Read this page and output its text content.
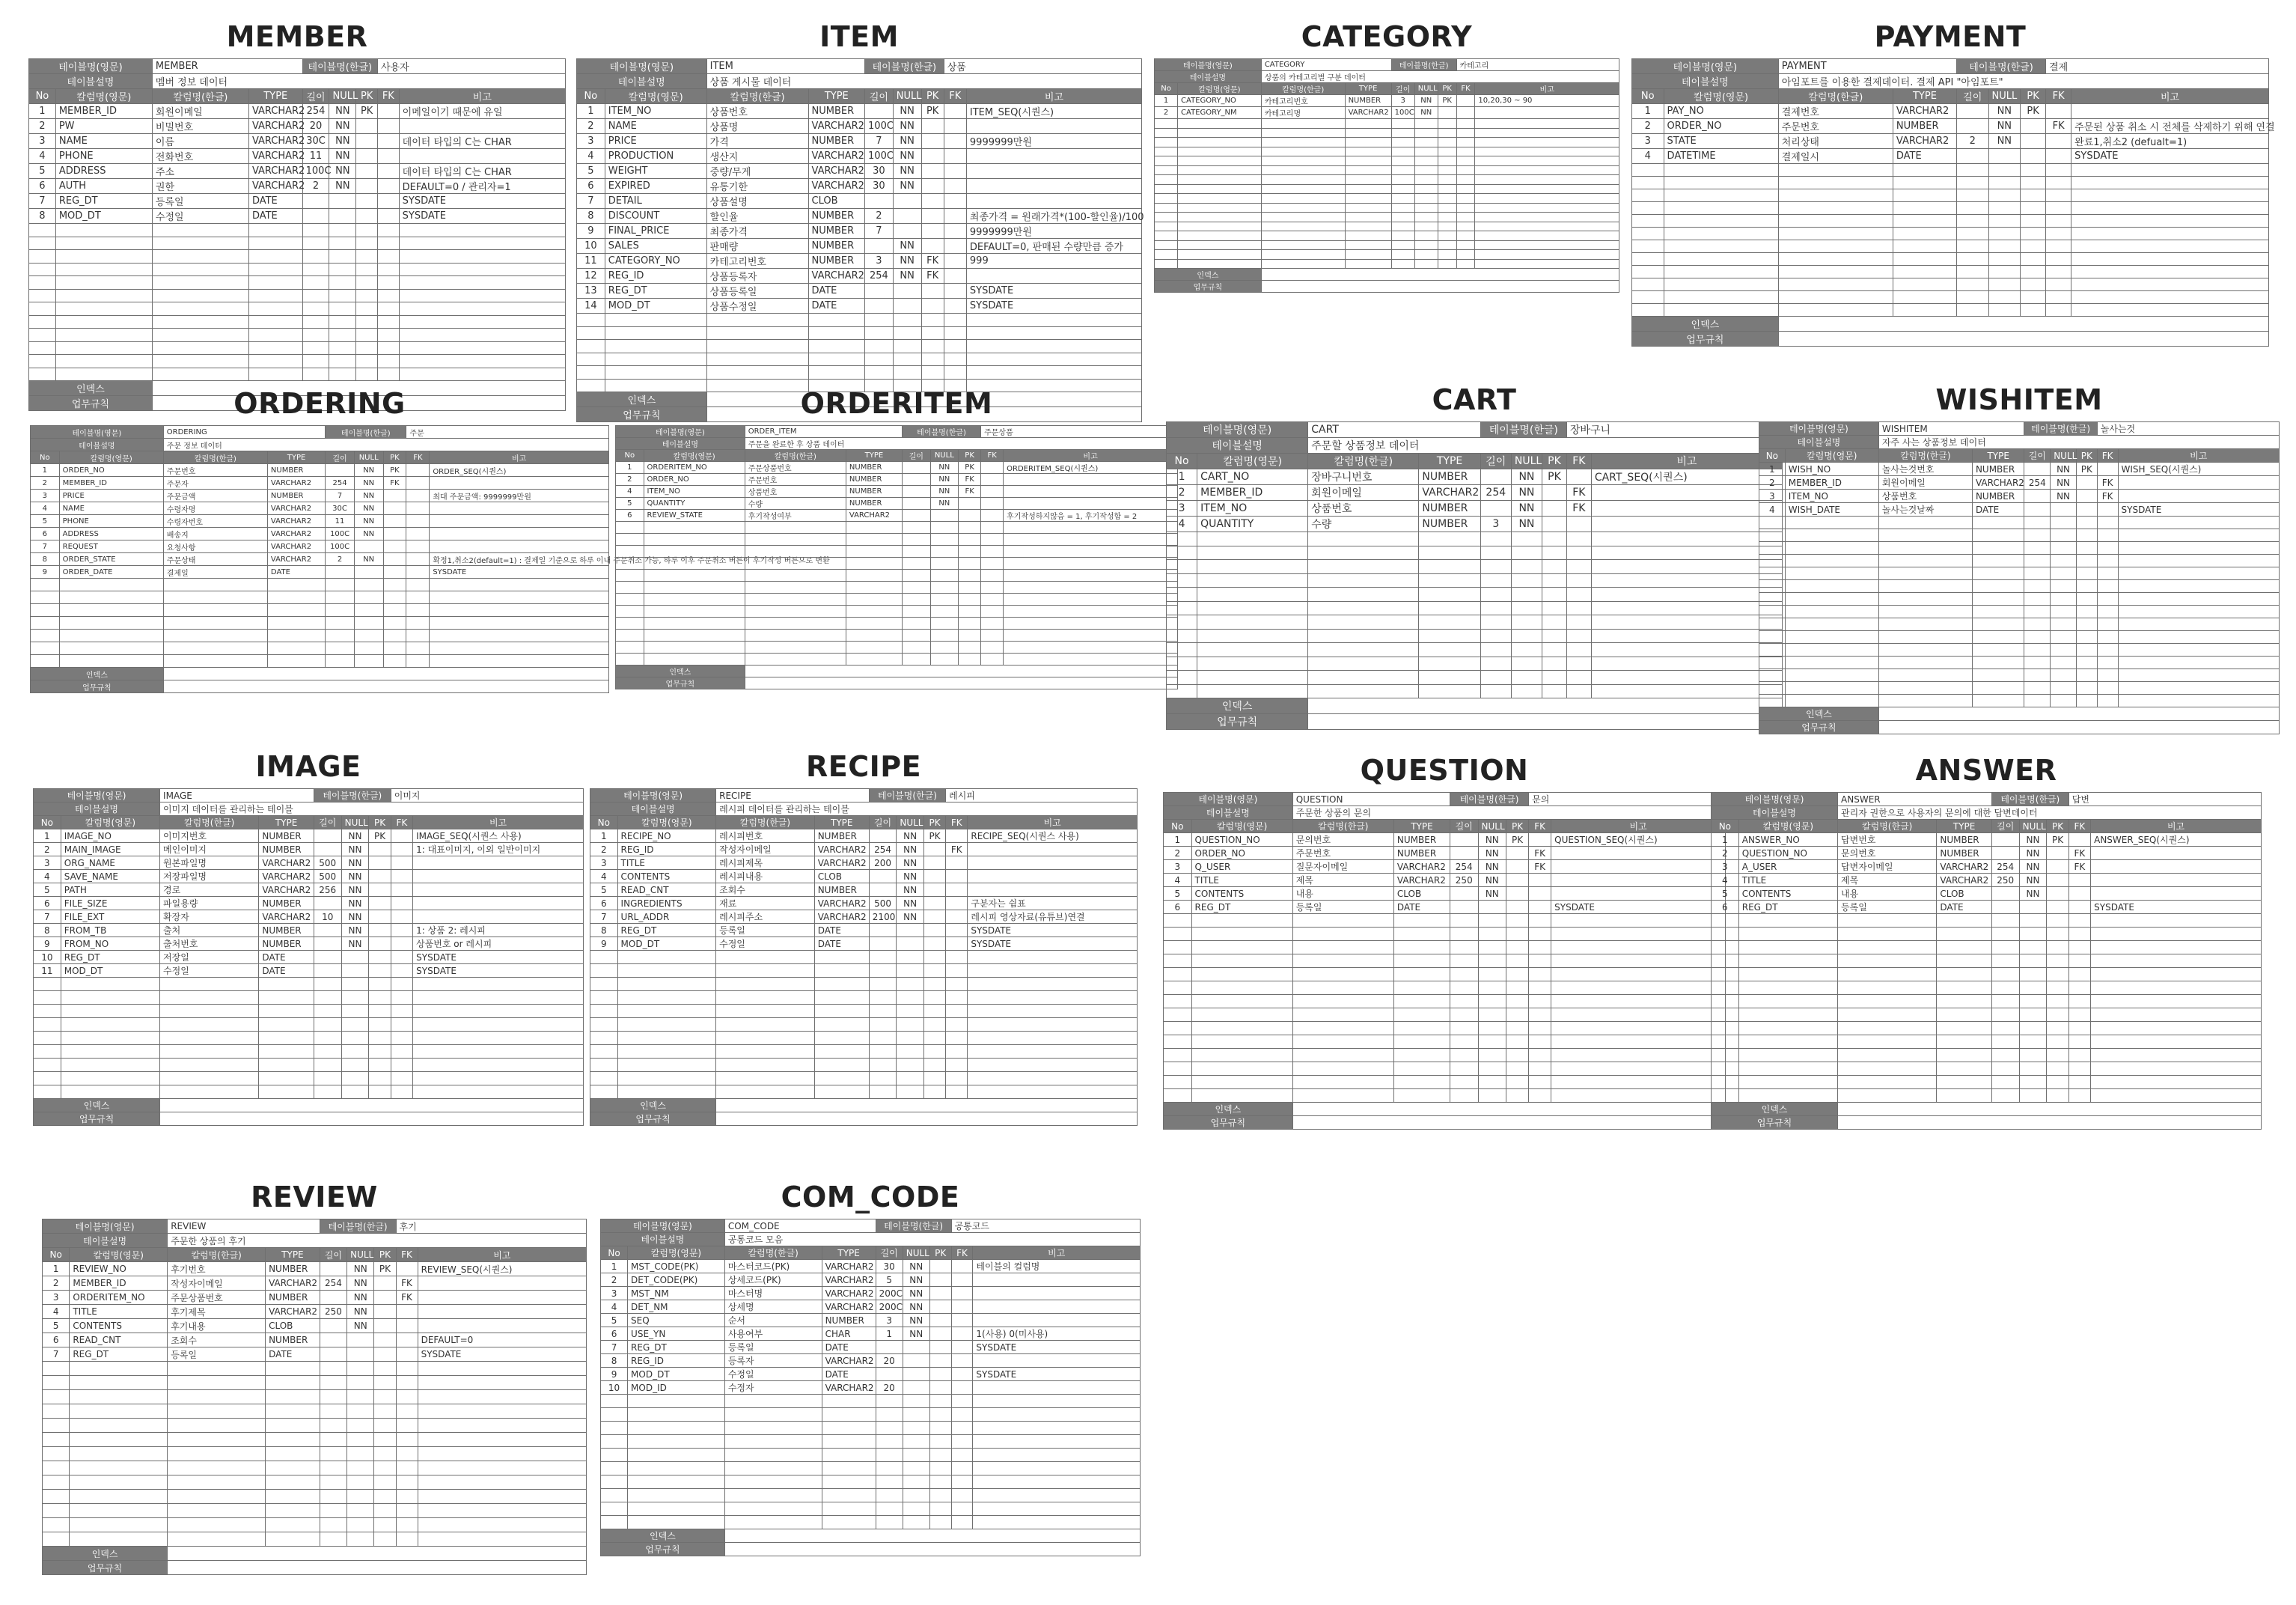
MEMBER
테이블명(영문)		MEMBER		테이블명(한글)			사용자	
테이블설명		멤버 정보 데이터						
No	칼럼명(영문)	칼럼명(한글)	TYPE	길이	NULL	PK	FK	비고
1	MEMBER_ID	회원이메일	VARCHAR2	254	NN	PK		이메일이기 때문에 유일
2	PW	비밀번호	VARCHAR2	20	NN			
3	NAME	이름	VARCHAR2	30C	NN			데이터 타입의 C는 CHAR
4	PHONE	전화번호	VARCHAR2	11	NN			
5	ADDRESS	주소	VARCHAR2	100C	NN			데이터 타입의 C는 CHAR
6	AUTH	권한	VARCHAR2	2	NN			DEFAULT=0 / 관리자=1
7	REG_DT	등록일	DATE					SYSDATE
8	MOD_DT	수정일	DATE					SYSDATE

인덱스								
업무규칙								
ITEM
테이블명(영문)		ITEM		테이블명(한글)			상품	
테이블설명		상품 게시물 데이터						
No	칼럼명(영문)	칼럼명(한글)	TYPE	길이	NULL	PK	FK	비고
1	ITEM_NO	상품번호	NUMBER		NN	PK		ITEM_SEQ(시퀀스)
2	NAME	상품명	VARCHAR2	100C	NN			
3	PRICE	가격	NUMBER	7	NN			9999999만원
4	PRODUCTION	생산지	VARCHAR2	100C	NN			
5	WEIGHT	중량/무게	VARCHAR2	30	NN			
6	EXPIRED	유통기한	VARCHAR2	30	NN			
7	DETAIL	상품설명	CLOB					
8	DISCOUNT	할인율	NUMBER	2				최종가격 = 원래가격*(100-할인율)/100
9	FINAL_PRICE	최종가격	NUMBER	7				9999999만원
10	SALES	판매량	NUMBER		NN			DEFAULT=0, 판매된 수량만큼 증가
11	CATEGORY_NO	카테고리번호	NUMBER	3	NN	FK		999
12	REG_ID	상품등록자	VARCHAR2	254	NN	FK		
13	REG_DT	상품등록일	DATE					SYSDATE
14	MOD_DT	상품수정일	DATE					SYSDATE

인덱스								
업무규칙								
CATEGORY
테이블명(영문)		CATEGORY		테이블명(한글)			카테고리	
테이블설명		상품의 카테고리별 구분 데이터						
No	칼럼명(영문)	칼럼명(한글)	TYPE	길이	NULL	PK	FK	비고
1	CATEGORY_NO	카테고리번호	NUMBER	3	NN	PK		10,20,30 ~ 90
2	CATEGORY_NM	카테고리명	VARCHAR2	100C	NN			

인덱스								
업무규칙								
PAYMENT
테이블명(영문)		PAYMENT		테이블명(한글)			결제	
테이블설명		아임포트를 이용한 결제데이터. 결제 API "아임포트"						
No	칼럼명(영문)	칼럼명(한글)	TYPE	길이	NULL	PK	FK	비고
1	PAY_NO	결제번호	VARCHAR2		NN	PK		
2	ORDER_NO	주문번호	NUMBER		NN		FK	주문된 상품 취소 시 전체를 삭제하기 위해 연결
3	STATE	처리상태	VARCHAR2	2	NN			완료1,취소2 (defualt=1)
4	DATETIME	결제일시	DATE					SYSDATE

인덱스								
업무규칙								
ORDERING
테이블명(영문)		ORDERING		테이블명(한글)			주문	
테이블설명		주문 정보 데이터						
No	칼럼명(영문)	칼럼명(한글)	TYPE	길이	NULL	PK	FK	비고
1	ORDER_NO	주문번호	NUMBER		NN	PK		ORDER_SEQ(시퀀스)
2	MEMBER_ID	주문자	VARCHAR2	254	NN	FK		
3	PRICE	주문금액	NUMBER	7	NN			최대 주문금액: 9999999만원
4	NAME	수령자명	VARCHAR2	30C	NN			
5	PHONE	수령자번호	VARCHAR2	11	NN			
6	ADDRESS	배송지	VARCHAR2	100C	NN			
7	REQUEST	요청사항	VARCHAR2	100C				
8	ORDER_STATE	주문상태	VARCHAR2	2	NN			확정1,취소2(default=1) : 결제일 기준으로 하루 이내 주문취소 가능, 하루 이후 주문취소 버튼이 후기작성 버튼으로 변환
9	ORDER_DATE	결제일	DATE					SYSDATE

인덱스								
업무규칙								
ORDERITEM
테이블명(영문)		ORDER_ITEM		테이블명(한글)			주문상품	
테이블설명		주문을 완료한 후 상품 데이터						
No	칼럼명(영문)	칼럼명(한글)	TYPE	길이	NULL	PK	FK	비고
1	ORDERITEM_NO	주문상품번호	NUMBER		NN	PK		ORDERITEM_SEQ(시퀀스)
2	ORDER_NO	주문번호	NUMBER		NN	FK		
4	ITEM_NO	상품번호	NUMBER		NN	FK		
5	QUANTITY	수량	NUMBER		NN			
6	REVIEW_STATE	후기작성여부	VARCHAR2					후기작성하지않음 = 1, 후기작성함 = 2

인덱스								
업무규칙								
CART
테이블명(영문)		CART		테이블명(한글)			장바구니	
테이블설명		주문할 상품정보 데이터						
No	칼럼명(영문)	칼럼명(한글)	TYPE	길이	NULL	PK	FK	비고
1	CART_NO	장바구니번호	NUMBER		NN	PK		CART_SEQ(시퀀스)
2	MEMBER_ID	회원이메일	VARCHAR2	254	NN		FK	
3	ITEM_NO	상품번호	NUMBER		NN		FK	
4	QUANTITY	수량	NUMBER	3	NN			

인덱스								
업무규칙								
WISHITEM
테이블명(영문)		WISHITEM		테이블명(한글)			놀사는것	
테이블설명		자주 사는 상품정보 데이터						
No	칼럼명(영문)	칼럼명(한글)	TYPE	길이	NULL	PK	FK	비고
1	WISH_NO	놀사는것번호	NUMBER		NN	PK		WISH_SEQ(시퀀스)
2	MEMBER_ID	회원이메일	VARCHAR2	254	NN		FK	
3	ITEM_NO	상품번호	NUMBER		NN		FK	
4	WISH_DATE	놀사는것날짜	DATE					SYSDATE

인덱스								
업무규칙								
IMAGE
테이블명(영문)		IMAGE		테이블명(한글)			이미지	
테이블설명		이미지 데이터를 관리하는 테이블						
No	칼럼명(영문)	칼럼명(한글)	TYPE	길이	NULL	PK	FK	비고
1	IMAGE_NO	이미지번호	NUMBER		NN	PK		IMAGE_SEQ(시퀀스 사용)
2	MAIN_IMAGE	메인이미지	NUMBER		NN			1: 대표이미지, 이외 일반이미지
3	ORG_NAME	원본파일명	VARCHAR2	500	NN			
4	SAVE_NAME	저장파일명	VARCHAR2	500	NN			
5	PATH	경로	VARCHAR2	256	NN			
6	FILE_SIZE	파일용량	NUMBER		NN			
7	FILE_EXT	확장자	VARCHAR2	10	NN			
8	FROM_TB	출처	NUMBER		NN			1: 상품 2: 레시피
9	FROM_NO	출처번호	NUMBER		NN			상품번호 or 레시피
10	REG_DT	저장일	DATE					SYSDATE
11	MOD_DT	수정일	DATE					SYSDATE

인덱스								
업무규칙								
RECIPE
테이블명(영문)		RECIPE		테이블명(한글)			레시피	
테이블설명		레시피 데이터를 관리하는 테이블						
No	칼럼명(영문)	칼럼명(한글)	TYPE	길이	NULL	PK	FK	비고
1	RECIPE_NO	레시피번호	NUMBER		NN	PK		RECIPE_SEQ(시퀀스 사용)
2	REG_ID	작성자이메일	VARCHAR2	254	NN		FK	
3	TITLE	레시피제목	VARCHAR2	200	NN			
4	CONTENTS	레시피내용	CLOB		NN			
5	READ_CNT	조회수	NUMBER		NN			
6	INGREDIENTS	재료	VARCHAR2	500	NN			구분자는 쉼표
7	URL_ADDR	레시피주소	VARCHAR2	2100	NN			레시피 영상자료(유튜브)연결
8	REG_DT	등록일	DATE					SYSDATE
9	MOD_DT	수정일	DATE					SYSDATE

인덱스								
업무규칙								
QUESTION
테이블명(영문)		QUESTION		테이블명(한글)			문의	
테이블설명		주문한 상품의 문의						
No	칼럼명(영문)	칼럼명(한글)	TYPE	길이	NULL	PK	FK	비고
1	QUESTION_NO	문의번호	NUMBER		NN	PK		QUESTION_SEQ(시퀀스)
2	ORDER_NO	주문번호	NUMBER		NN		FK	
3	Q_USER	질문자이메일	VARCHAR2	254	NN		FK	
4	TITLE	제목	VARCHAR2	250	NN			
5	CONTENTS	내용	CLOB		NN			
6	REG_DT	등록일	DATE					SYSDATE

인덱스								
업무규칙								
ANSWER
테이블명(영문)		ANSWER		테이블명(한글)			답변	
테이블설명		관리자 권한으로 사용자의 문의에 대한 답변데이터						
No	칼럼명(영문)	칼럼명(한글)	TYPE	길이	NULL	PK	FK	비고
1	ANSWER_NO	답변번호	NUMBER		NN	PK		ANSWER_SEQ(시퀀스)
2	QUESTION_NO	문의번호	NUMBER		NN		FK	
3	A_USER	답변자이메일	VARCHAR2	254	NN		FK	
4	TITLE	제목	VARCHAR2	250	NN			
5	CONTENTS	내용	CLOB		NN			
6	REG_DT	등록일	DATE					SYSDATE

인덱스								
업무규칙								
REVIEW
테이블명(영문)		REVIEW		테이블명(한글)			후기	
테이블설명		주문한 상품의 후기						
No	칼럼명(영문)	칼럼명(한글)	TYPE	길이	NULL	PK	FK	비고
1	REVIEW_NO	후기번호	NUMBER		NN	PK		REVIEW_SEQ(시퀀스)
2	MEMBER_ID	작성자이메일	VARCHAR2	254	NN		FK	
3	ORDERITEM_NO	주문상품번호	NUMBER		NN		FK	
4	TITLE	후기제목	VARCHAR2	250	NN			
5	CONTENTS	후기내용	CLOB		NN			
6	READ_CNT	조회수	NUMBER					DEFAULT=0
7	REG_DT	등록일	DATE					SYSDATE

인덱스								
업무규칙								
COM_CODE
테이블명(영문)		COM_CODE		테이블명(한글)			공통코드	
테이블설명		공통코드 모음						
No	칼럼명(영문)	칼럼명(한글)	TYPE	길이	NULL	PK	FK	비고
1	MST_CODE(PK)	마스터코드(PK)	VARCHAR2	30	NN			테이블의 컬럼명
2	DET_CODE(PK)	상세코드(PK)	VARCHAR2	5	NN			
3	MST_NM	마스터명	VARCHAR2	200C	NN			
4	DET_NM	상세명	VARCHAR2	200C	NN			
5	SEQ	순서	NUMBER	3	NN			
6	USE_YN	사용여부	CHAR	1	NN			1(사용) 0(미사용)
7	REG_DT	등록일	DATE					SYSDATE
8	REG_ID	등록자	VARCHAR2	20				
9	MOD_DT	수정일	DATE					SYSDATE
10	MOD_ID	수정자	VARCHAR2	20				

인덱스								
업무규칙								
